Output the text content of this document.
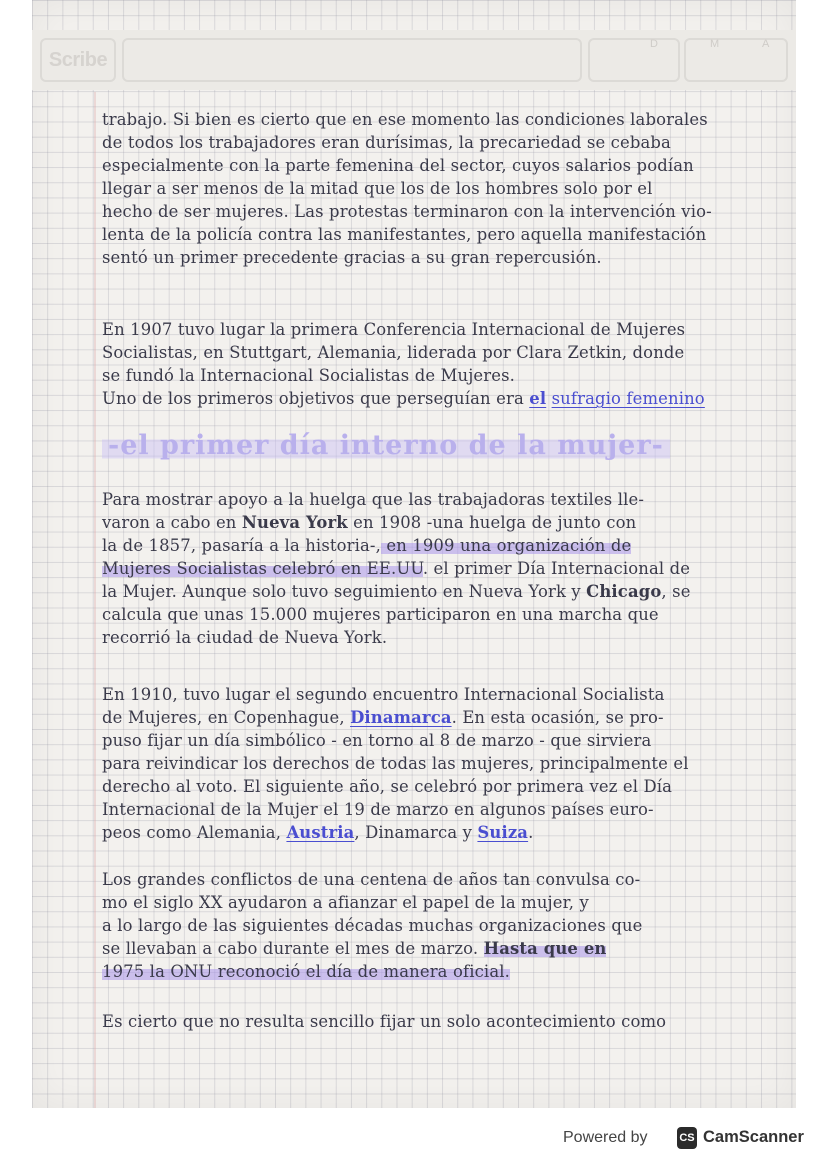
Scribe
D	M	A
trabajo. Si bien es cierto que en ese momento las condiciones laborales
de todos los trabajadores eran durísimas, la precariedad se cebaba
especialmente con la parte femenina del sector, cuyos salarios podían
llegar a ser menos de la mitad que los de los hombres solo por el
hecho de ser mujeres. Las protestas terminaron con la intervención vio-
lenta de la policía contra las manifestantes, pero aquella manifestación
sentó un primer precedente gracias a su gran repercusión.
En 1907 tuvo lugar la primera Conferencia Internacional de Mujeres
Socialistas, en Stuttgart, Alemania, liderada por Clara Zetkin, donde
se fundó la Internacional Socialistas de Mujeres.
Uno de los primeros objetivos que perseguían era el sufragio femenino
-el primer día interno de la mujer-
Para mostrar apoyo a la huelga que las trabajadoras textiles lle-
varon a cabo en Nueva York en 1908 -una huelga de junto con
la de 1857, pasaría a la historia-, en 1909 una organización de
Mujeres Socialistas celebró en EE.UU. el primer Día Internacional de
la Mujer. Aunque solo tuvo seguimiento en Nueva York y Chicago, se
calcula que unas 15.000 mujeres participaron en una marcha que
recorrió la ciudad de Nueva York.
En 1910, tuvo lugar el segundo encuentro Internacional Socialista
de Mujeres, en Copenhague, Dinamarca. En esta ocasión, se pro-
puso fijar un día simbólico - en torno al 8 de marzo - que sirviera
para reivindicar los derechos de todas las mujeres, principalmente el
derecho al voto. El siguiente año, se celebró por primera vez el Día
Internacional de la Mujer el 19 de marzo en algunos países euro-
peos como Alemania, Austria, Dinamarca y Suiza.
Los grandes conflictos de una centena de años tan convulsa co-
mo el siglo XX ayudaron a afianzar el papel de la mujer, y
a lo largo de las siguientes décadas muchas organizaciones que
se llevaban a cabo durante el mes de marzo. Hasta que en
1975 la ONU reconoció el día de manera oficial.
Es cierto que no resulta sencillo fijar un solo acontecimiento como
Powered by	CS CamScanner
